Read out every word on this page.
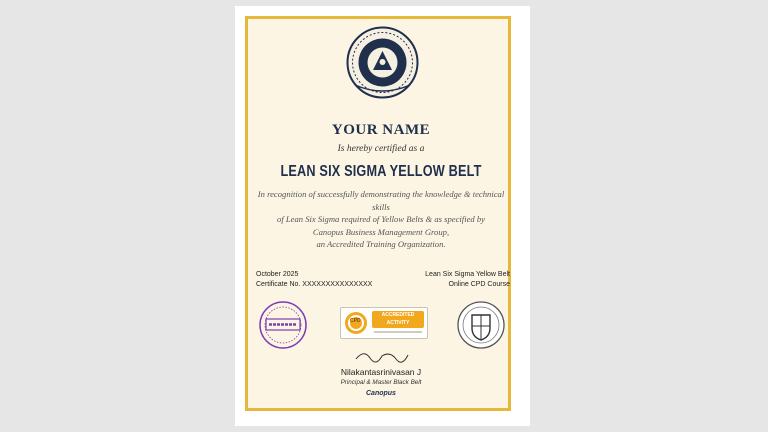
YOUR NAME
Is hereby certified as a
LEAN SIX SIGMA YELLOW BELT
In recognition of successfully demonstrating the knowledge & technical skills
of Lean Six Sigma required of Yellow Belts & as specified by
Canopus Business Management Group,
an Accredited Training Organization.
October 2025
Certificate No. XXXXXXXXXXXXXXX
Lean Six Sigma Yellow Belt
Online CPD Course
ACCREDITED
ACTIVITY
CPD
Nilakantasrinivasan J
Principal & Master Black Belt
Canopus
